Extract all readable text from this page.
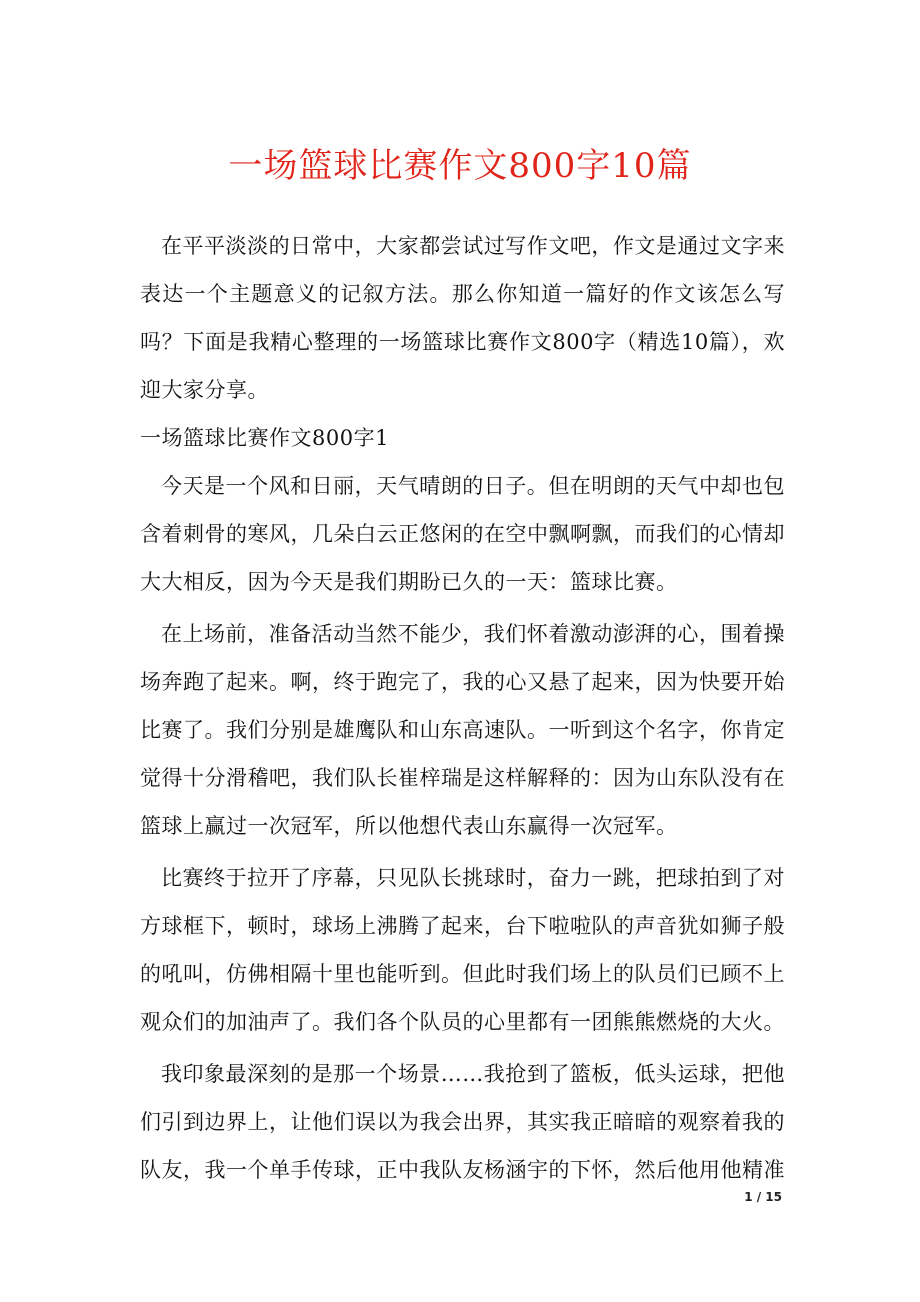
一场篮球比赛作文800字10篇

在平平淡淡的日常中，大家都尝试过写作文吧，作文是通过文字来表达一个主题意义的记叙方法。那么你知道一篇好的作文该怎么写吗？下面是我精心整理的一场篮球比赛作文800字（精选10篇），欢迎大家分享。

一场篮球比赛作文800字1

今天是一个风和日丽，天气晴朗的日子。但在明朗的天气中却也包含着刺骨的寒风，几朵白云正悠闲的在空中飘啊飘，而我们的心情却大大相反，因为今天是我们期盼已久的一天：篮球比赛。

在上场前，准备活动当然不能少，我们怀着激动澎湃的心，围着操场奔跑了起来。啊，终于跑完了，我的心又悬了起来，因为快要开始比赛了。我们分别是雄鹰队和山东高速队。一听到这个名字，你肯定觉得十分滑稽吧，我们队长崔梓瑞是这样解释的：因为山东队没有在篮球上赢过一次冠军，所以他想代表山东赢得一次冠军。

比赛终于拉开了序幕，只见队长挑球时，奋力一跳，把球拍到了对方球框下，顿时，球场上沸腾了起来，台下啦啦队的声音犹如狮子般的吼叫，仿佛相隔十里也能听到。但此时我们场上的队员们已顾不上观众们的加油声了。我们各个队员的心里都有一团熊熊燃烧的大火。

我印象最深刻的是那一个场景……我抢到了篮板，低头运球，把他们引到边界上，让他们误以为我会出界，其实我正暗暗的观察着我的队友，我一个单手传球，正中我队友杨涵宇的下怀，然后他用他精准

1 / 15
